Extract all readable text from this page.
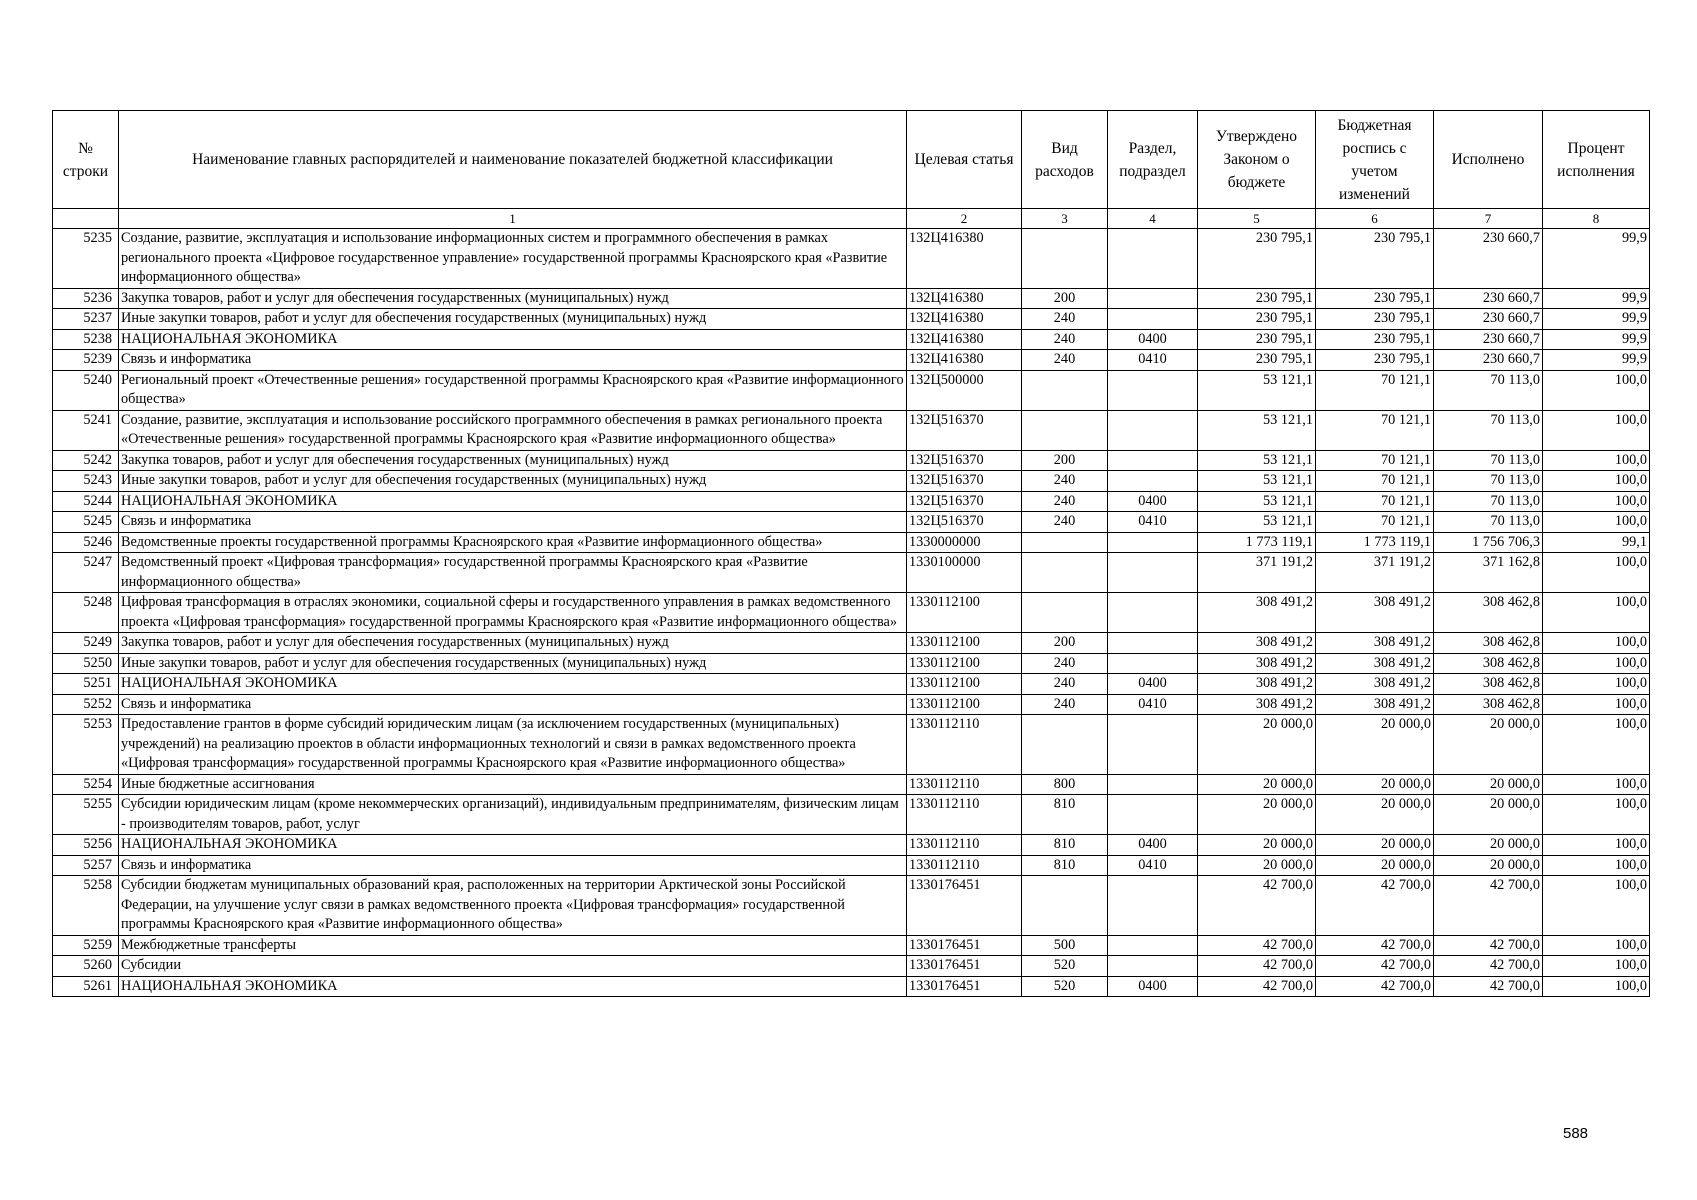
№ строки	Наименование главных распорядителей и наименование показателей бюджетной классификации	Целевая статья	Вид расходов	Раздел, подраздел	Утверждено Законом о бюджете	Бюджетная роспись с учетом изменений	Исполнено	Процент исполнения
	1	2	3	4	5	6	7	8
5235	Создание, развитие, эксплуатация и использование информационных систем и программного обеспечения в рамках регионального проекта «Цифровое государственное управление» государственной программы Красноярского края «Развитие информационного общества»	132Ц416380			230 795,1	230 795,1	230 660,7	99,9
5236	Закупка товаров, работ и услуг для обеспечения государственных (муниципальных) нужд	132Ц416380	200		230 795,1	230 795,1	230 660,7	99,9
5237	Иные закупки товаров, работ и услуг для обеспечения государственных (муниципальных) нужд	132Ц416380	240		230 795,1	230 795,1	230 660,7	99,9
5238	НАЦИОНАЛЬНАЯ ЭКОНОМИКА	132Ц416380	240	0400	230 795,1	230 795,1	230 660,7	99,9
5239	Связь и информатика	132Ц416380	240	0410	230 795,1	230 795,1	230 660,7	99,9
5240	Региональный проект «Отечественные решения» государственной программы Красноярского края «Развитие информационного общества»	132Ц500000			53 121,1	70 121,1	70 113,0	100,0
5241	Создание, развитие, эксплуатация и использование российского программного обеспечения в рамках регионального проекта «Отечественные решения» государственной программы Красноярского края «Развитие информационного общества»	132Ц516370			53 121,1	70 121,1	70 113,0	100,0
5242	Закупка товаров, работ и услуг для обеспечения государственных (муниципальных) нужд	132Ц516370	200		53 121,1	70 121,1	70 113,0	100,0
5243	Иные закупки товаров, работ и услуг для обеспечения государственных (муниципальных) нужд	132Ц516370	240		53 121,1	70 121,1	70 113,0	100,0
5244	НАЦИОНАЛЬНАЯ ЭКОНОМИКА	132Ц516370	240	0400	53 121,1	70 121,1	70 113,0	100,0
5245	Связь и информатика	132Ц516370	240	0410	53 121,1	70 121,1	70 113,0	100,0
5246	Ведомственные проекты государственной программы Красноярского края «Развитие информационного общества»	1330000000			1 773 119,1	1 773 119,1	1 756 706,3	99,1
5247	Ведомственный проект «Цифровая трансформация» государственной программы Красноярского края «Развитие информационного общества»	1330100000			371 191,2	371 191,2	371 162,8	100,0
5248	Цифровая трансформация в отраслях экономики, социальной сферы и государственного управления в рамках ведомственного проекта «Цифровая трансформация» государственной программы Красноярского края «Развитие информационного общества»	1330112100			308 491,2	308 491,2	308 462,8	100,0
5249	Закупка товаров, работ и услуг для обеспечения государственных (муниципальных) нужд	1330112100	200		308 491,2	308 491,2	308 462,8	100,0
5250	Иные закупки товаров, работ и услуг для обеспечения государственных (муниципальных) нужд	1330112100	240		308 491,2	308 491,2	308 462,8	100,0
5251	НАЦИОНАЛЬНАЯ ЭКОНОМИКА	1330112100	240	0400	308 491,2	308 491,2	308 462,8	100,0
5252	Связь и информатика	1330112100	240	0410	308 491,2	308 491,2	308 462,8	100,0
5253	Предоставление грантов в форме субсидий юридическим лицам (за исключением государственных (муниципальных) учреждений) на реализацию проектов в области информационных технологий и связи в рамках ведомственного проекта «Цифровая трансформация» государственной программы Красноярского края «Развитие информационного общества»	1330112110			20 000,0	20 000,0	20 000,0	100,0
5254	Иные бюджетные ассигнования	1330112110	800		20 000,0	20 000,0	20 000,0	100,0
5255	Субсидии юридическим лицам (кроме некоммерческих организаций), индивидуальным предпринимателям, физическим лицам - производителям товаров, работ, услуг	1330112110	810		20 000,0	20 000,0	20 000,0	100,0
5256	НАЦИОНАЛЬНАЯ ЭКОНОМИКА	1330112110	810	0400	20 000,0	20 000,0	20 000,0	100,0
5257	Связь и информатика	1330112110	810	0410	20 000,0	20 000,0	20 000,0	100,0
5258	Субсидии бюджетам муниципальных образований края, расположенных на территории Арктической зоны Российской Федерации, на улучшение услуг связи в рамках ведомственного проекта «Цифровая трансформация» государственной программы Красноярского края «Развитие информационного общества»	1330176451			42 700,0	42 700,0	42 700,0	100,0
5259	Межбюджетные трансферты	1330176451	500		42 700,0	42 700,0	42 700,0	100,0
5260	Субсидии	1330176451	520		42 700,0	42 700,0	42 700,0	100,0
5261	НАЦИОНАЛЬНАЯ ЭКОНОМИКА	1330176451	520	0400	42 700,0	42 700,0	42 700,0	100,0
588
